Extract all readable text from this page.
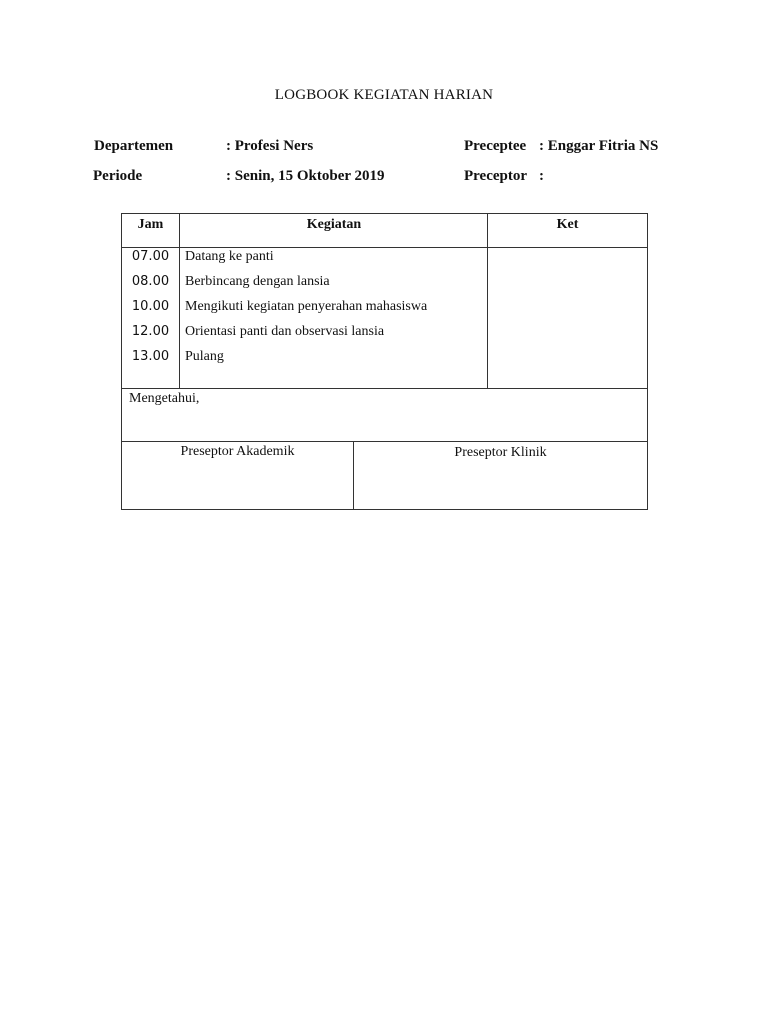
LOGBOOK KEGIATAN HARIAN
Departemen	: Profesi Ners	Preceptee : Enggar Fitria NS
Periode	: Senin, 15 Oktober 2019	Preceptor :
Jam	Kegiatan	Ket
07.00	Datang ke panti
08.00	Berbincang dengan lansia
10.00	Mengikuti kegiatan penyerahan mahasiswa
12.00	Orientasi panti dan observasi lansia
13.00	Pulang
Mengetahui,
Preseptor Akademik	Preseptor Klinik
